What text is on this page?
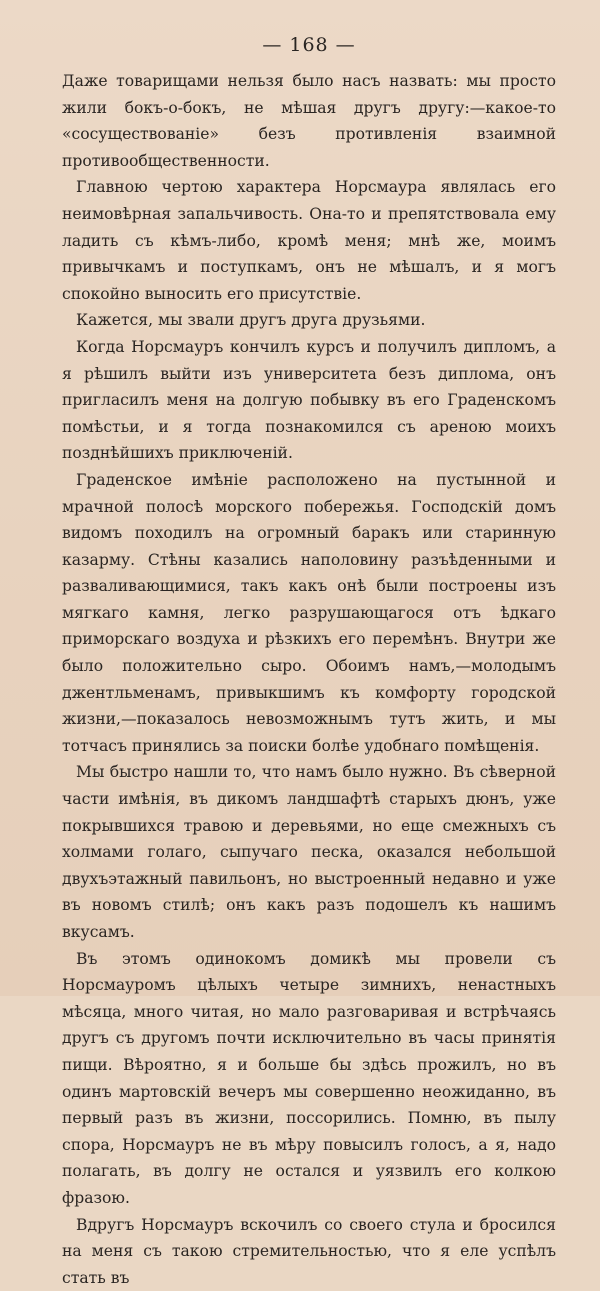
— 168 —

Даже товарищами нельзя было насъ назвать: мы просто жили бокъ-о-бокъ, не мѣшая другъ другу:—какое-то «сосуществованіе» безъ противленія взаимной противообщественности.

Главною чертою характера Норсмаура являлась его неимовѣрная запальчивость. Она-то и препятствовала ему ладить съ кѣмъ-либо, кромѣ меня; мнѣ же, моимъ привычкамъ и поступкамъ, онъ не мѣшалъ, и я могъ спокойно выносить его присутствіе.

Кажется, мы звали другъ друга друзьями.

Когда Норсмауръ кончилъ курсъ и получилъ дипломъ, а я рѣшилъ выйти изъ университета безъ диплома, онъ пригласилъ меня на долгую побывку въ его Граденскомъ помѣстьи, и я тогда познакомился съ ареною моихъ позднѣйшихъ приключеній.

Граденское имѣніе расположено на пустынной и мрачной полосѣ морского побережья. Господскій домъ видомъ походилъ на огромный баракъ или старинную казарму. Стѣны казались наполовину разъѣденными и разваливающимися, такъ какъ онѣ были построены изъ мягкаго камня, легко разрушающагося отъ ѣдкаго приморскаго воздуха и рѣзкихъ его перемѣнъ. Внутри же было положительно сыро. Обоимъ намъ,—молодымъ джентльменамъ, привыкшимъ къ комфорту городской жизни,—показалось невозможнымъ тутъ жить, и мы тотчасъ принялись за поиски болѣе удобнаго помѣщенія.

Мы быстро нашли то, что намъ было нужно. Въ сѣверной части имѣнія, въ дикомъ ландшафтѣ старыхъ дюнъ, уже покрывшихся травою и деревьями, но еще смежныхъ съ холмами голаго, сыпучаго песка, оказался небольшой двухъэтажный павильонъ, но выстроенный недавно и уже въ новомъ стилѣ; онъ какъ разъ подошелъ къ нашимъ вкусамъ.

Въ этомъ одинокомъ домикѣ мы провели съ Норсмауромъ цѣлыхъ четыре зимнихъ, ненастныхъ мѣсяца, много читая, но мало разговаривая и встрѣчаясь другъ съ другомъ почти исключительно въ часы принятія пищи. Вѣроятно, я и больше бы здѣсь прожилъ, но въ одинъ мартовскій вечеръ мы совершенно неожиданно, въ первый разъ въ жизни, поссорились. Помню, въ пылу спора, Норсмауръ не въ мѣру повысилъ голосъ, а я, надо полагать, въ долгу не остался и уязвилъ его колкою фразою.

Вдругъ Норсмауръ вскочилъ со своего стула и бросился на меня съ такою стремительностью, что я еле успѣлъ стать въ
